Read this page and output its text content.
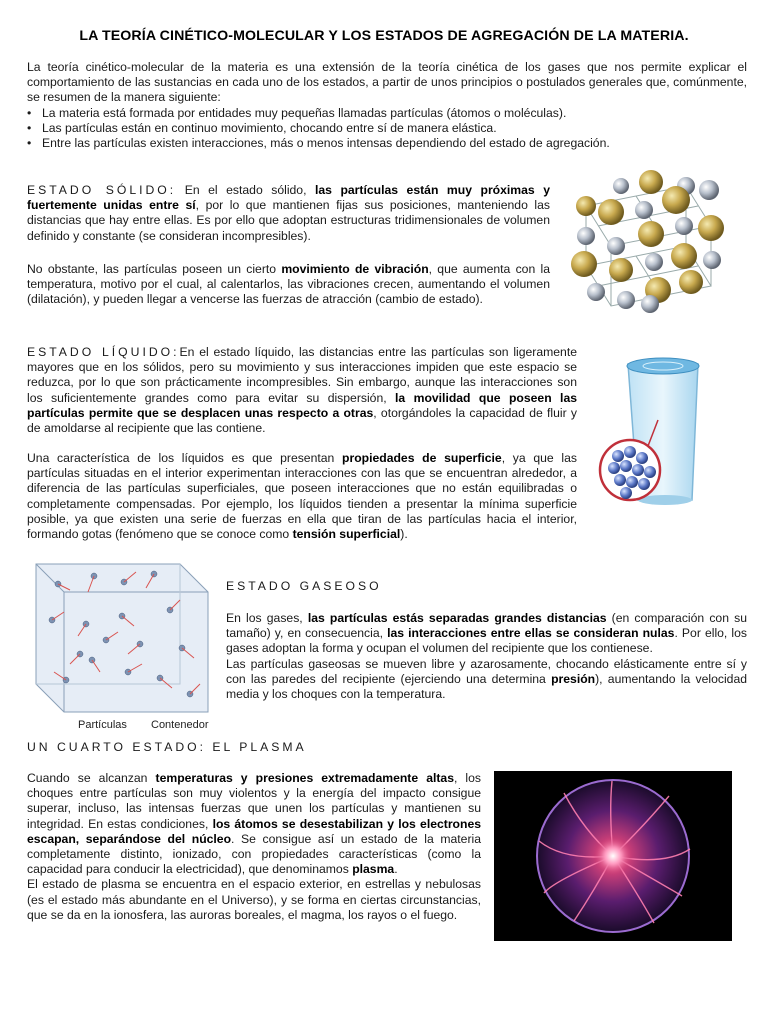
LA TEORÍA CINÉTICO-MOLECULAR Y LOS ESTADOS DE AGREGACIÓN DE LA MATERIA.
La teoría cinético-molecular de la materia es una extensión de la teoría cinética de los gases que nos permite explicar el comportamiento de las sustancias en cada uno de los estados, a partir de unos principios o postulados generales que, comúnmente, se resumen de la manera siguiente:
• La materia está formada por entidades muy pequeñas llamadas partículas (átomos o moléculas).
• Las partículas están en continuo movimiento, chocando entre sí de manera elástica.
• Entre las partículas existen interacciones, más o menos intensas dependiendo del estado de agregación.
ESTADO SÓLIDO: En el estado sólido, las partículas están muy próximas y fuertemente unidas entre sí, por lo que mantienen fijas sus posiciones, manteniendo las distancias que hay entre ellas. Es por ello que adoptan estructuras tridimensionales de volumen definido y constante (se consideran incompresibles).
No obstante, las partículas poseen un cierto movimiento de vibración, que aumenta con la temperatura, motivo por el cual, al calentarlos, las vibraciones crecen, aumentando el volumen (dilatación), y pueden llegar a vencerse las fuerzas de atracción (cambio de estado).
ESTADO LÍQUIDO:En el estado líquido, las distancias entre las partículas son ligeramente mayores que en los sólidos, pero su movimiento y sus interacciones impiden que este espacio se reduzca, por lo que son prácticamente incompresibles. Sin embargo, aunque las interacciones son los suficientemente grandes como para evitar su dispersión, la movilidad que poseen las partículas permite que se desplacen unas respecto a otras, otorgándoles la capacidad de fluir y de amoldarse al recipiente que las contiene.
Una característica de los líquidos es que presentan propiedades de superficie, ya que las partículas situadas en el interior experimentan interacciones con las que se encuentran alrededor, a diferencia de las partículas superficiales, que poseen interacciones que no están equilibradas o completamente compensadas. Por ejemplo, los líquidos tienden a presentar la mínima superficie posible, ya que existen una serie de fuerzas en ella que tiran de las partículas hacia el interior, formando gotas (fenómeno que se conoce como tensión superficial).
Partículas Contenedor
ESTADO GASEOSO
En los gases, las partículas estás separadas grandes distancias (en comparación con su tamaño) y, en consecuencia, las interacciones entre ellas se consideran nulas. Por ello, los gases adoptan la forma y ocupan el volumen del recipiente que los contienese.
Las partículas gaseosas se mueven libre y azarosamente, chocando elásticamente entre sí y con las paredes del recipiente (ejerciendo una determina presión), aumentando la velocidad media y los choques con la temperatura.
UN CUARTO ESTADO: EL PLASMA
Cuando se alcanzan temperaturas y presiones extremadamente altas, los choques entre partículas son muy violentos y la energía del impacto consigue superar, incluso, las intensas fuerzas que unen los partículas y mantienen su integridad. En estas condiciones, los átomos se desestabilizan y los electrones escapan, separándose del núcleo. Se consigue así un estado de la materia completamente distinto, ionizado, con propiedades características (como la capacidad para conducir la electricidad), que denominamos plasma.
El estado de plasma se encuentra en el espacio exterior, en estrellas y nebulosas (es el estado más abundante en el Universo), y se forma en ciertas circunstancias, que se da en la ionosfera, las auroras boreales, el magma, los rayos o el fuego.
